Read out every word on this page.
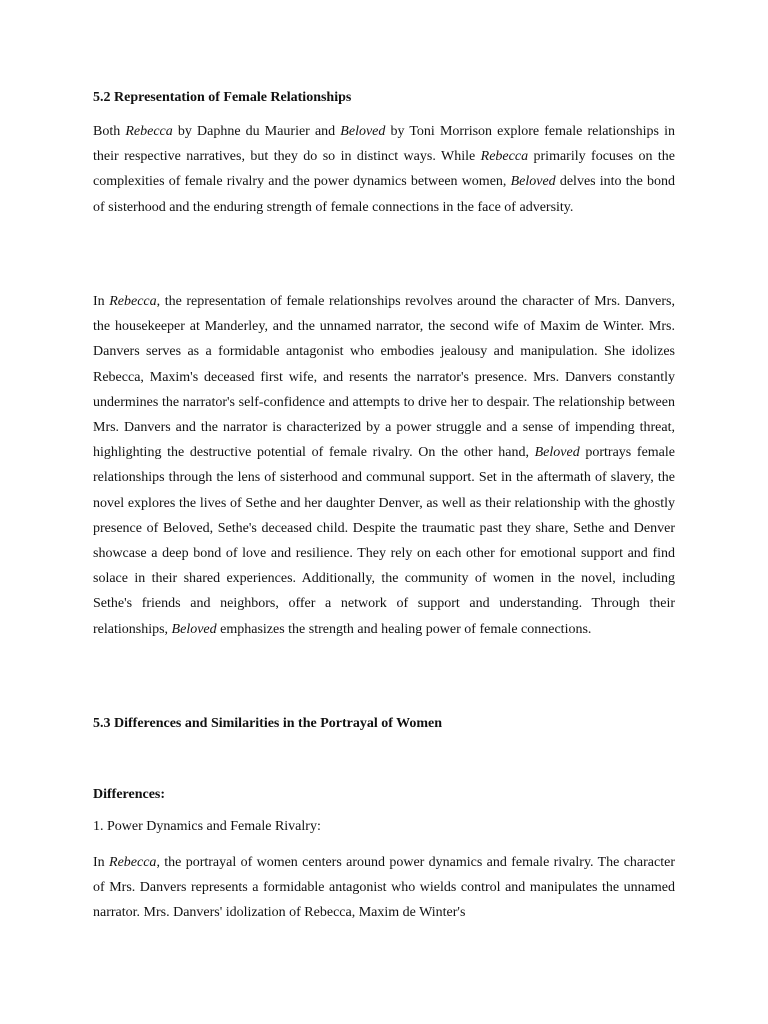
5.2 Representation of Female Relationships

Both Rebecca by Daphne du Maurier and Beloved by Toni Morrison explore female relationships in their respective narratives, but they do so in distinct ways. While Rebecca primarily focuses on the complexities of female rivalry and the power dynamics between women, Beloved delves into the bond of sisterhood and the enduring strength of female connections in the face of adversity.

In Rebecca, the representation of female relationships revolves around the character of Mrs. Danvers, the housekeeper at Manderley, and the unnamed narrator, the second wife of Maxim de Winter. Mrs. Danvers serves as a formidable antagonist who embodies jealousy and manipulation. She idolizes Rebecca, Maxim's deceased first wife, and resents the narrator's presence. Mrs. Danvers constantly undermines the narrator's self-confidence and attempts to drive her to despair. The relationship between Mrs. Danvers and the narrator is characterized by a power struggle and a sense of impending threat, highlighting the destructive potential of female rivalry. On the other hand, Beloved portrays female relationships through the lens of sisterhood and communal support. Set in the aftermath of slavery, the novel explores the lives of Sethe and her daughter Denver, as well as their relationship with the ghostly presence of Beloved, Sethe's deceased child. Despite the traumatic past they share, Sethe and Denver showcase a deep bond of love and resilience. They rely on each other for emotional support and find solace in their shared experiences. Additionally, the community of women in the novel, including Sethe's friends and neighbors, offer a network of support and understanding. Through their relationships, Beloved emphasizes the strength and healing power of female connections.

5.3 Differences and Similarities in the Portrayal of Women
Differences:

1. Power Dynamics and Female Rivalry:

In Rebecca, the portrayal of women centers around power dynamics and female rivalry. The character of Mrs. Danvers represents a formidable antagonist who wields control and manipulates the unnamed narrator. Mrs. Danvers' idolization of Rebecca, Maxim de Winter's
